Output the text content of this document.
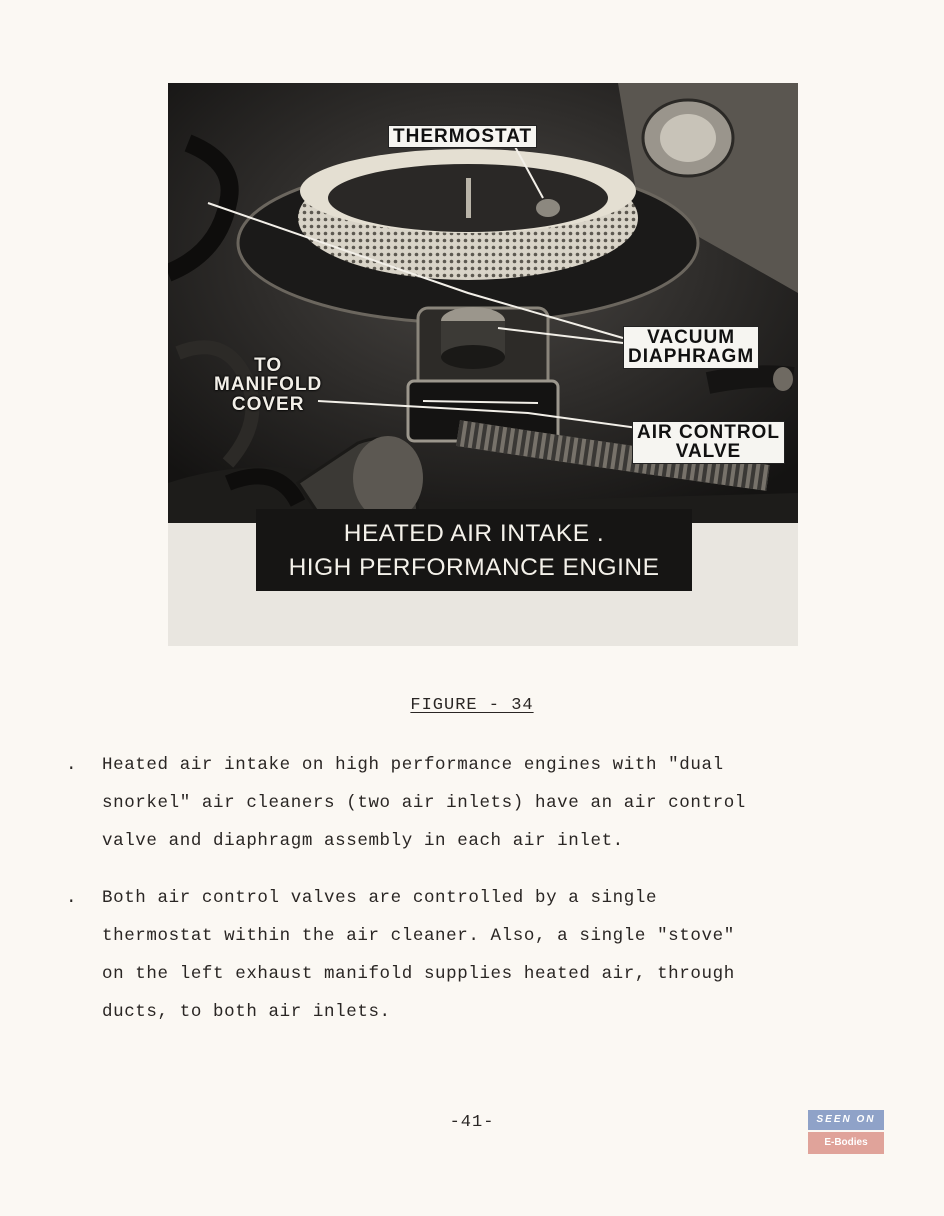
THERMOSTAT
VACUUM
DIAPHRAGM
TO
MANIFOLD
COVER
AIR CONTROL
VALVE
HEATED AIR INTAKE .
HIGH PERFORMANCE ENGINE
FIGURE - 34
. Heated air intake on high performance engines with "dual
snorkel" air cleaners (two air inlets) have an air control
valve and diaphragm assembly in each air inlet.
. Both air control valves are controlled by a single
thermostat within the air cleaner. Also, a single "stove"
on the left exhaust manifold supplies heated air, through
ducts, to both air inlets.
-41-	SEEN ON
E-Bodies
